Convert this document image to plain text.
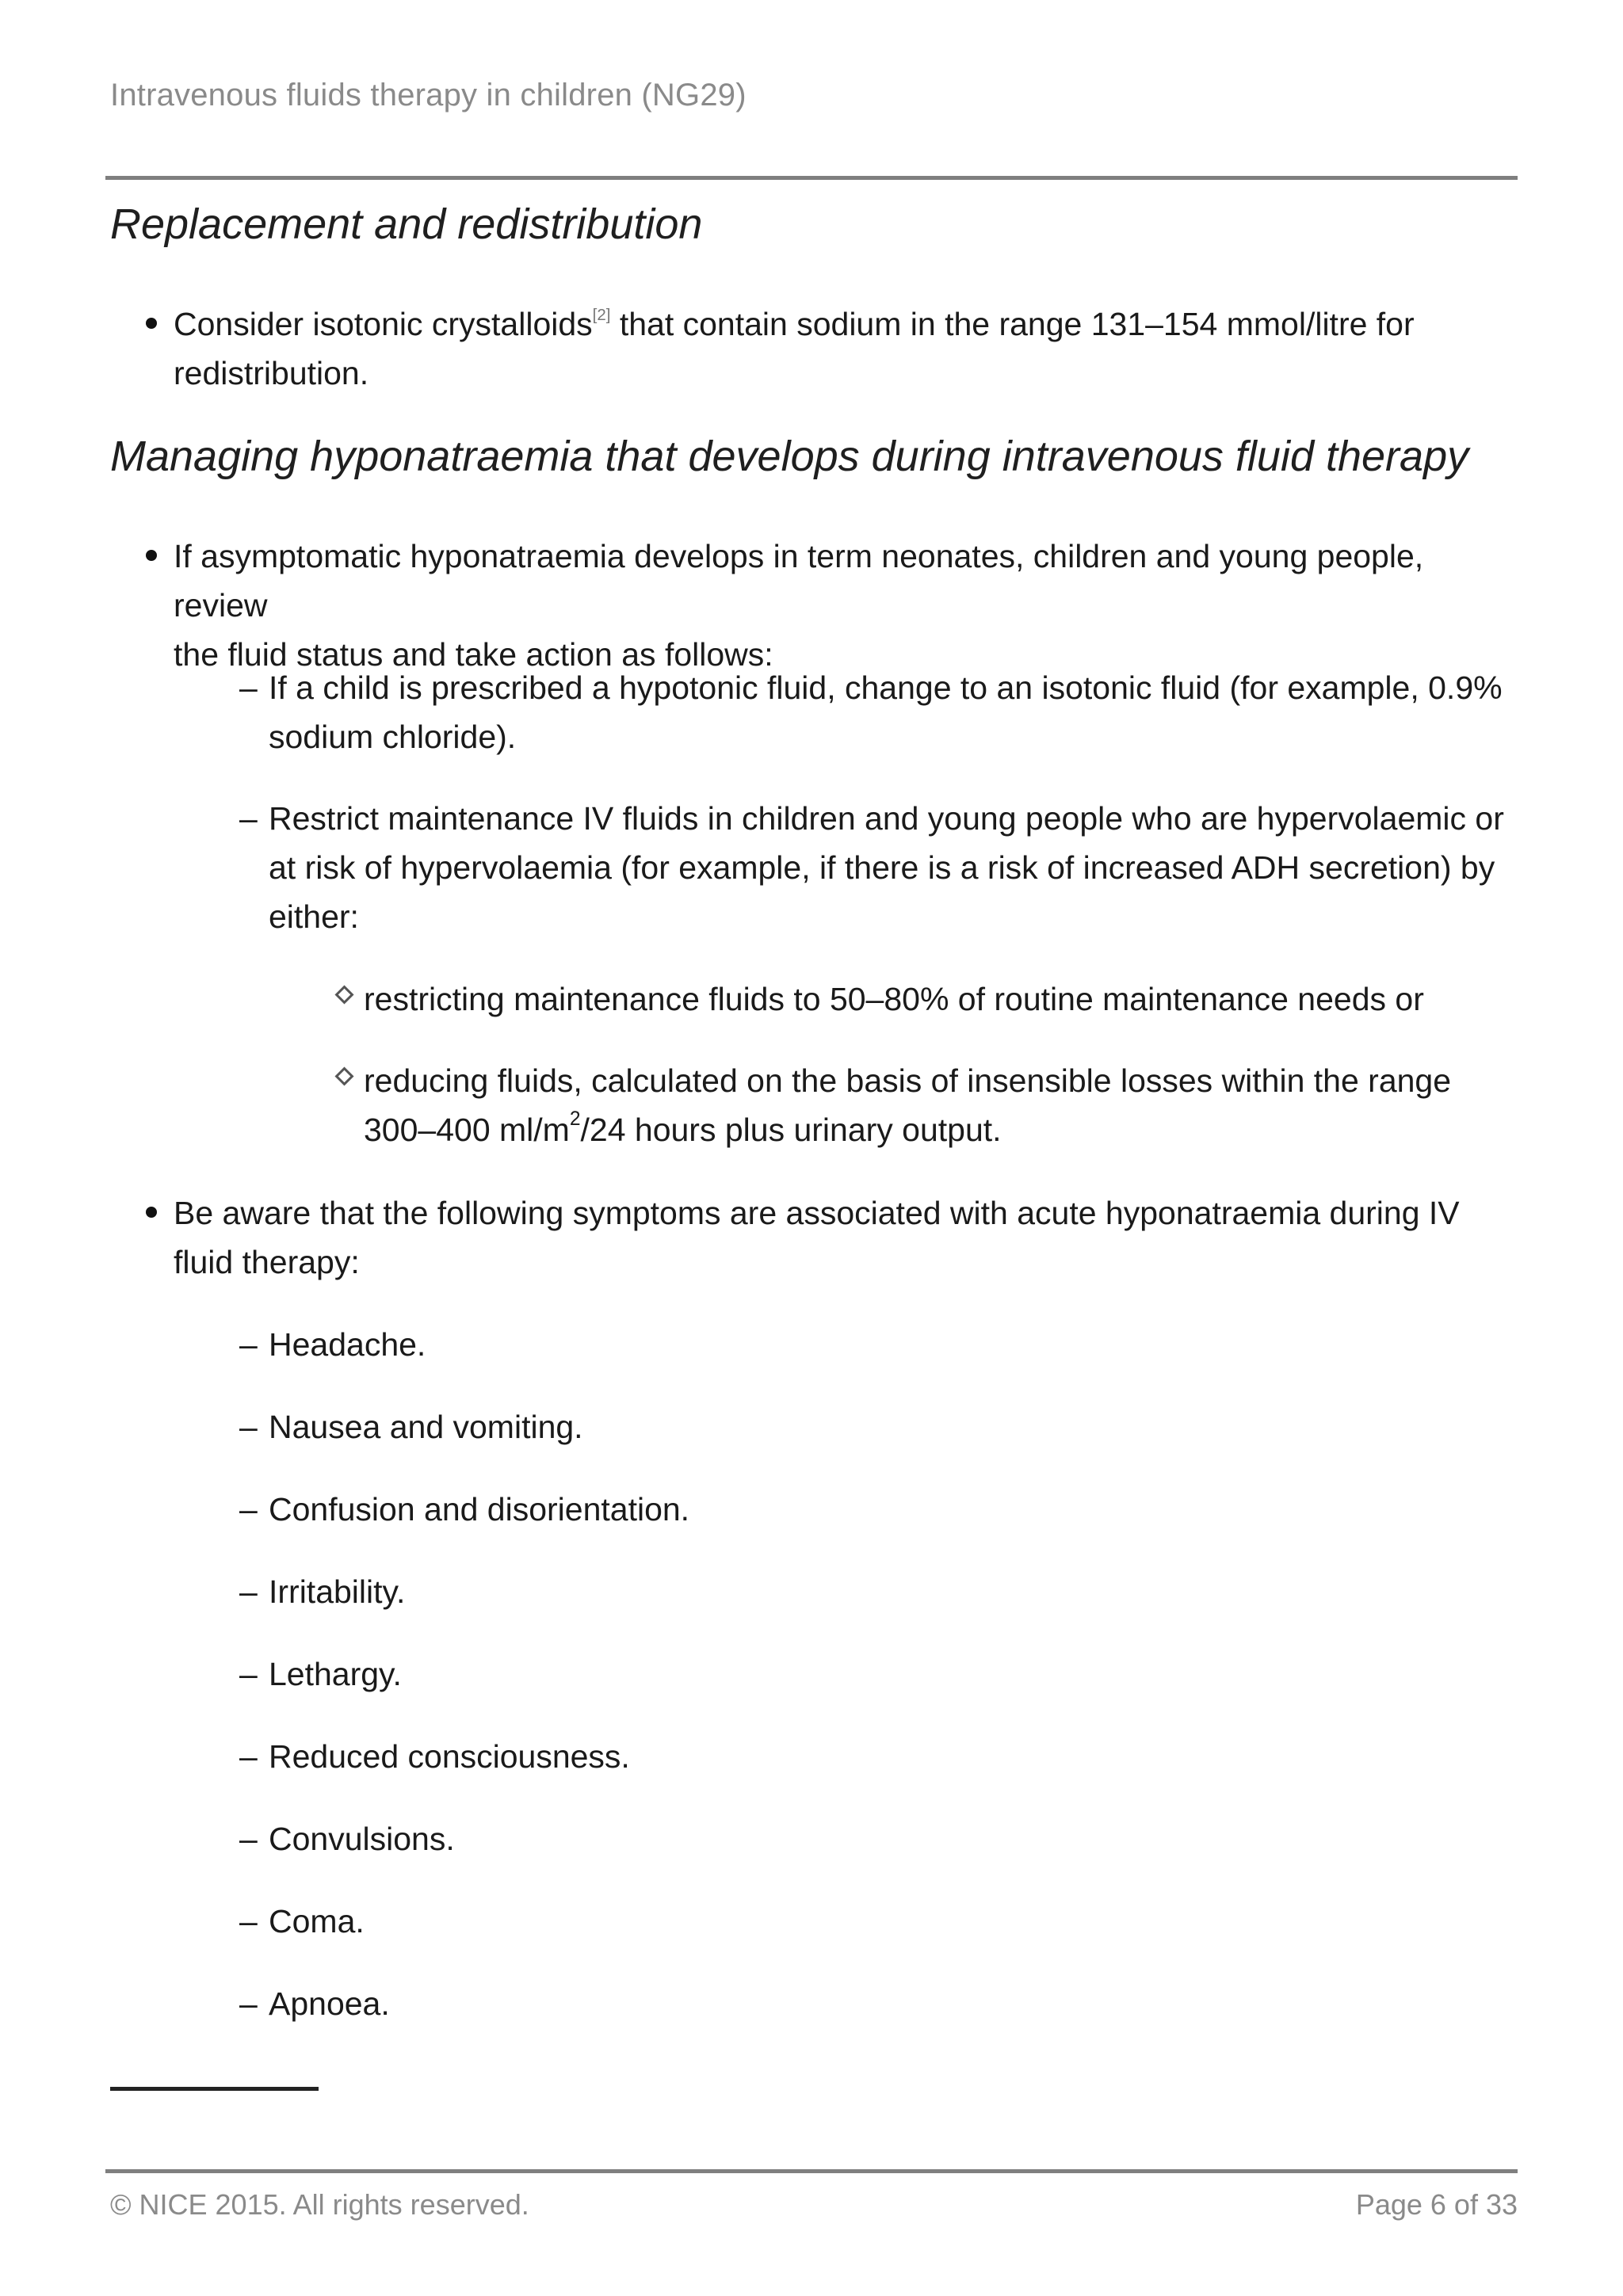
Intravenous fluids therapy in children (NG29)
Replacement and redistribution
Consider isotonic crystalloids[2] that contain sodium in the range 131–154 mmol/litre for
redistribution.
Managing hyponatraemia that develops during intravenous fluid therapy
If asymptomatic hyponatraemia develops in term neonates, children and young people, review
the fluid status and take action as follows:
– If a child is prescribed a hypotonic fluid, change to an isotonic fluid (for example, 0.9%
sodium chloride).
– Restrict maintenance IV fluids in children and young people who are hypervolaemic or
at risk of hypervolaemia (for example, if there is a risk of increased ADH secretion) by
either:
restricting maintenance fluids to 50–80% of routine maintenance needs or
reducing fluids, calculated on the basis of insensible losses within the range
300–400 $ml/m^2/24$ hours plus urinary output.
Be aware that the following symptoms are associated with acute hyponatraemia during IV
fluid therapy:
– Headache.
– Nausea and vomiting.
– Confusion and disorientation.
– Irritability.
– Lethargy.
– Reduced consciousness.
– Convulsions.
– Coma.
– Apnoea.
© NICE 2015. All rights reserved.	Page 6 of 33
